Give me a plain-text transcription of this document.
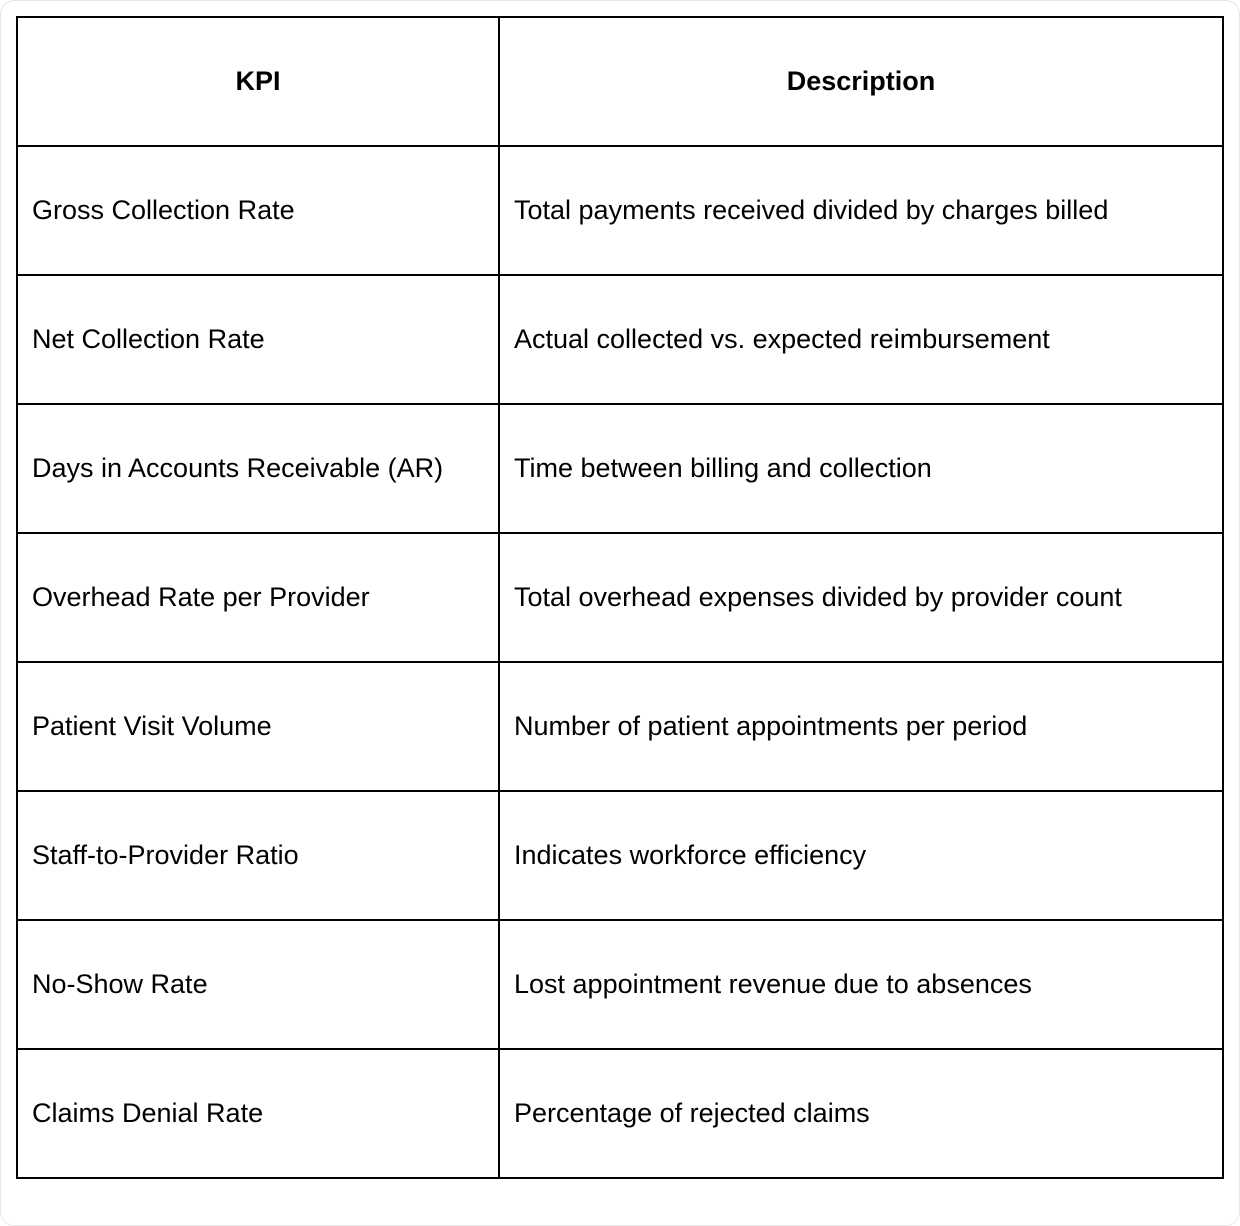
KPI	Description
Gross Collection Rate	Total payments received divided by charges billed
Net Collection Rate	Actual collected vs. expected reimbursement
Days in Accounts Receivable (AR)	Time between billing and collection
Overhead Rate per Provider	Total overhead expenses divided by provider count
Patient Visit Volume	Number of patient appointments per period
Staff-to-Provider Ratio	Indicates workforce efficiency
No-Show Rate	Lost appointment revenue due to absences
Claims Denial Rate	Percentage of rejected claims
